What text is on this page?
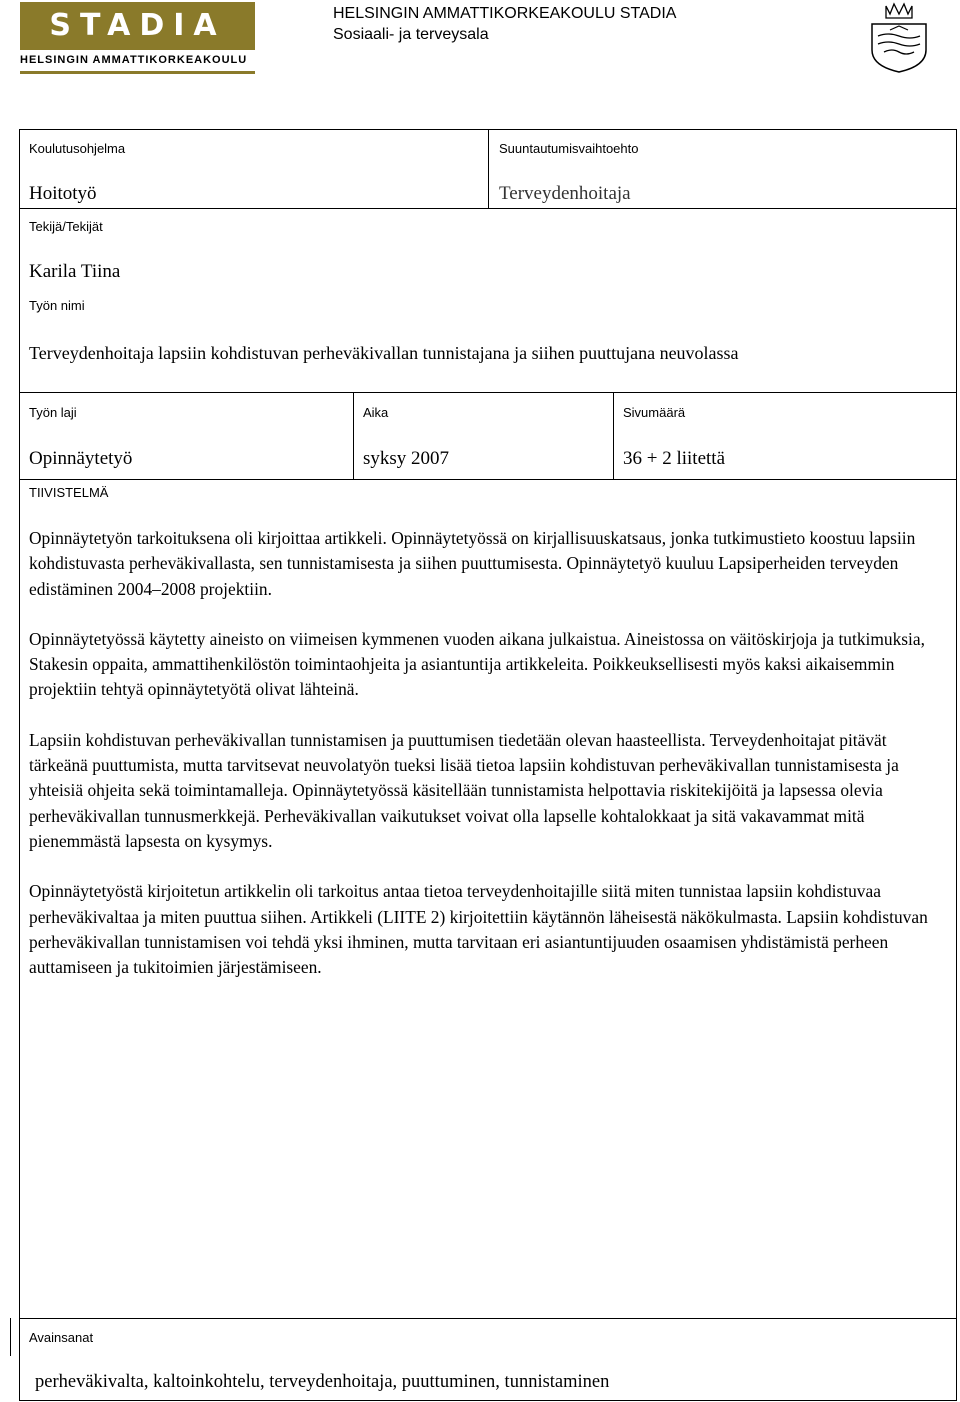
STADIA
HELSINGIN AMMATTIKORKEAKOULU
HELSINGIN AMMATTIKORKEAKOULU STADIA
Sosiaali- ja terveysala
Koulutusohjelma
Hoitotyö
Suuntautumisvaihtoehto
Terveydenhoitaja
Tekijä/Tekijät
Karila Tiina
Työn nimi
Terveydenhoitaja lapsiin kohdistuvan perheväkivallan tunnistajana ja siihen puuttujana neuvolassa
Työn laji
Opinnäytetyö
Aika
syksy 2007
Sivumäärä
36 + 2 liitettä
TIIVISTELMÄ

Opinnäytetyön tarkoituksena oli kirjoittaa artikkeli. Opinnäytetyössä on kirjallisuuskatsaus, jonka tutkimustieto koostuu lapsiin kohdistuvasta perheväkivallasta, sen tunnistamisesta ja siihen puuttumisesta. Opinnäytetyö kuuluu Lapsiperheiden terveyden edistäminen 2004–2008 projektiin.

Opinnäytetyössä käytetty aineisto on viimeisen kymmenen vuoden aikana julkaistua. Aineistossa on väitöskirjoja ja tutkimuksia, Stakesin oppaita, ammattihenkilöstön toimintaohjeita ja asiantuntija artikkeleita. Poikkeuksellisesti myös kaksi aikaisemmin projektiin tehtyä opinnäytetyötä olivat lähteinä.

Lapsiin kohdistuvan perheväkivallan tunnistamisen ja puuttumisen tiedetään olevan haasteellista. Terveydenhoitajat pitävät tärkeänä puuttumista, mutta tarvitsevat neuvolatyön tueksi lisää tietoa lapsiin kohdistuvan perheväkivallan tunnistamisesta ja yhteisiä ohjeita sekä toimintamalleja. Opinnäytetyössä käsitellään tunnistamista helpottavia riskitekijöitä ja lapsessa olevia perheväkivallan tunnusmerkkejä. Perheväkivallan vaikutukset voivat olla lapselle kohtalokkaat ja sitä vakavammat mitä pienemmästä lapsesta on kysymys.

Opinnäytetyöstä kirjoitetun artikkelin oli tarkoitus antaa tietoa terveydenhoitajille siitä miten tunnistaa lapsiin kohdistuvaa perheväkivaltaa ja miten puuttua siihen. Artikkeli (LIITE 2) kirjoitettiin käytännön läheisestä näkökulmasta. Lapsiin kohdistuvan perheväkivallan tunnistamisen voi tehdä yksi ihminen, mutta tarvitaan eri asiantuntijuuden osaamisen yhdistämistä perheen auttamiseen ja tukitoimien järjestämiseen.

Avainsanat
perheväkivalta, kaltoinkohtelu, terveydenhoitaja, puuttuminen, tunnistaminen
